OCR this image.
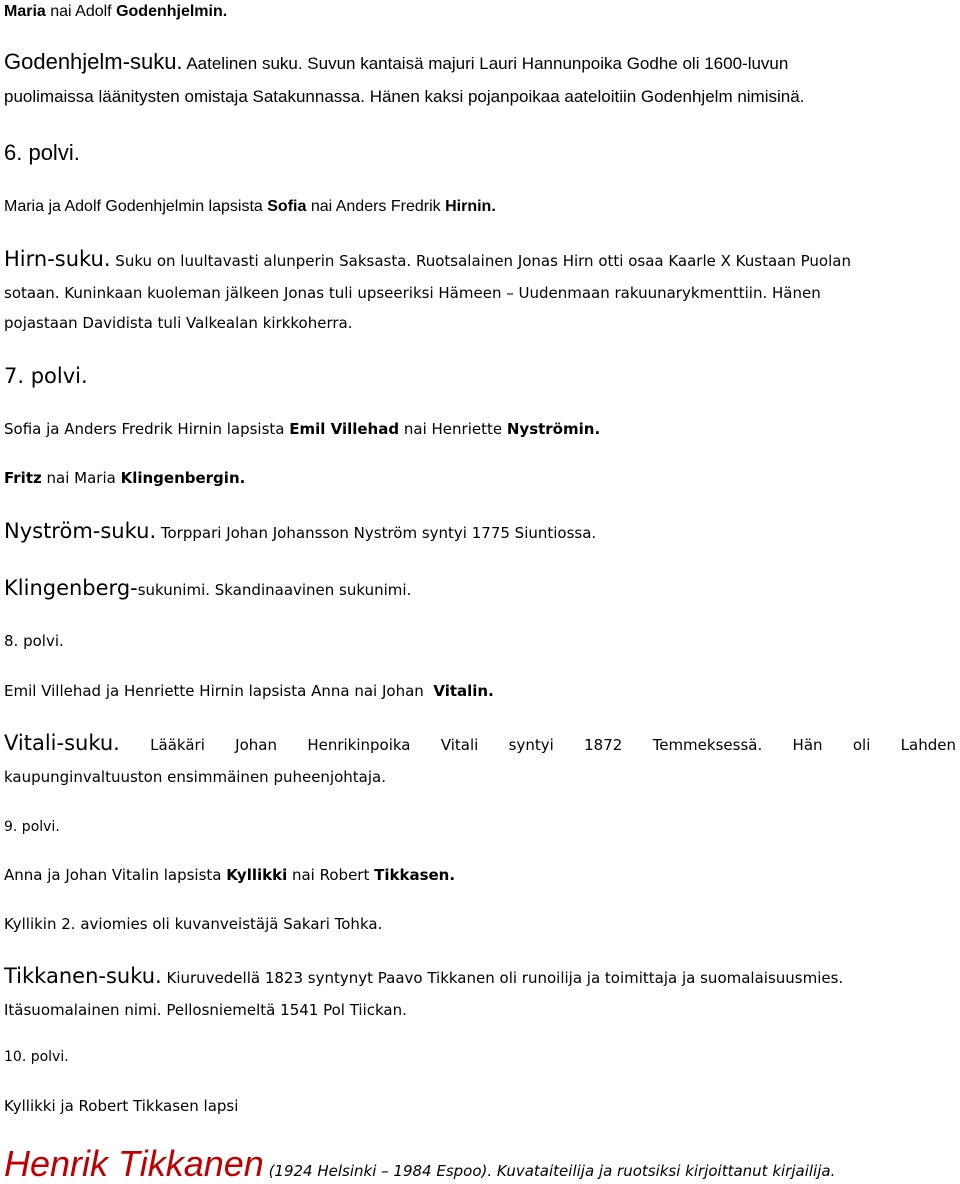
Maria nai Adolf Godenhjelmin.
Godenhjelm-suku. Aatelinen suku. Suvun kantaisä majuri Lauri Hannunpoika Godhe oli 1600-luvun
puolimaissa läänitysten omistaja Satakunnassa. Hänen kaksi pojanpoikaa aateloitiin Godenhjelm nimisinä.
6. polvi.
Maria ja Adolf Godenhjelmin lapsista Sofia nai Anders Fredrik Hirnin.
Hirn-suku. Suku on luultavasti alunperin Saksasta. Ruotsalainen Jonas Hirn otti osaa Kaarle X Kustaan Puolan
sotaan. Kuninkaan kuoleman jälkeen Jonas tuli upseeriksi Hämeen – Uudenmaan rakuunarykmenttiin. Hänen
pojastaan Davidista tuli Valkealan kirkkoherra.
7. polvi.
Sofia ja Anders Fredrik Hirnin lapsista Emil Villehad nai Henriette Nyströmin.
Fritz nai Maria Klingenbergin.
Nyström-suku. Torppari Johan Johansson Nyström syntyi 1775 Siuntiossa.
Klingenberg-sukunimi. Skandinaavinen sukunimi.
8. polvi.
Emil Villehad ja Henriette Hirnin lapsista Anna nai Johan  Vitalin.
Vitali-suku. Lääkäri Johan Henrikinpoika Vitali syntyi 1872 Temmeksessä. Hän oli Lahden
kaupunginvaltuuston ensimmäinen puheenjohtaja.
9. polvi.
Anna ja Johan Vitalin lapsista Kyllikki nai Robert Tikkasen.
Kyllikin 2. aviomies oli kuvanveistäjä Sakari Tohka.
Tikkanen-suku. Kiuruvedellä 1823 syntynyt Paavo Tikkanen oli runoilija ja toimittaja ja suomalaisuusmies.
Itäsuomalainen nimi. Pellosniemeltä 1541 Pol Tiickan.
10. polvi.
Kyllikki ja Robert Tikkasen lapsi
Henrik Tikkanen (1924 Helsinki – 1984 Espoo). Kuvataiteilija ja ruotsiksi kirjoittanut kirjailija.
